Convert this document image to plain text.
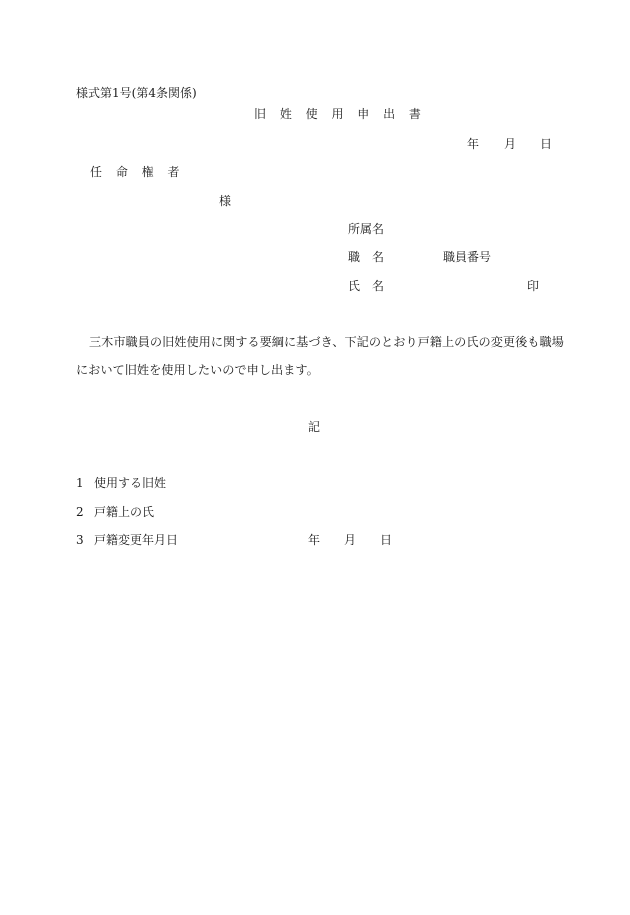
様式第1号(第4条関係)
旧 姓 使 用 申 出 書
年 月 日
任 命 権 者
様
所属名
職　名	職員番号
氏　名	印
三木市職員の旧姓使用に関する要綱に基づき、下記のとおり戸籍上の氏の変更後も職場
において旧姓を使用したいので申し出ます。
記
1 使用する旧姓
2 戸籍上の氏
3 戸籍変更年月日	年 月 日
